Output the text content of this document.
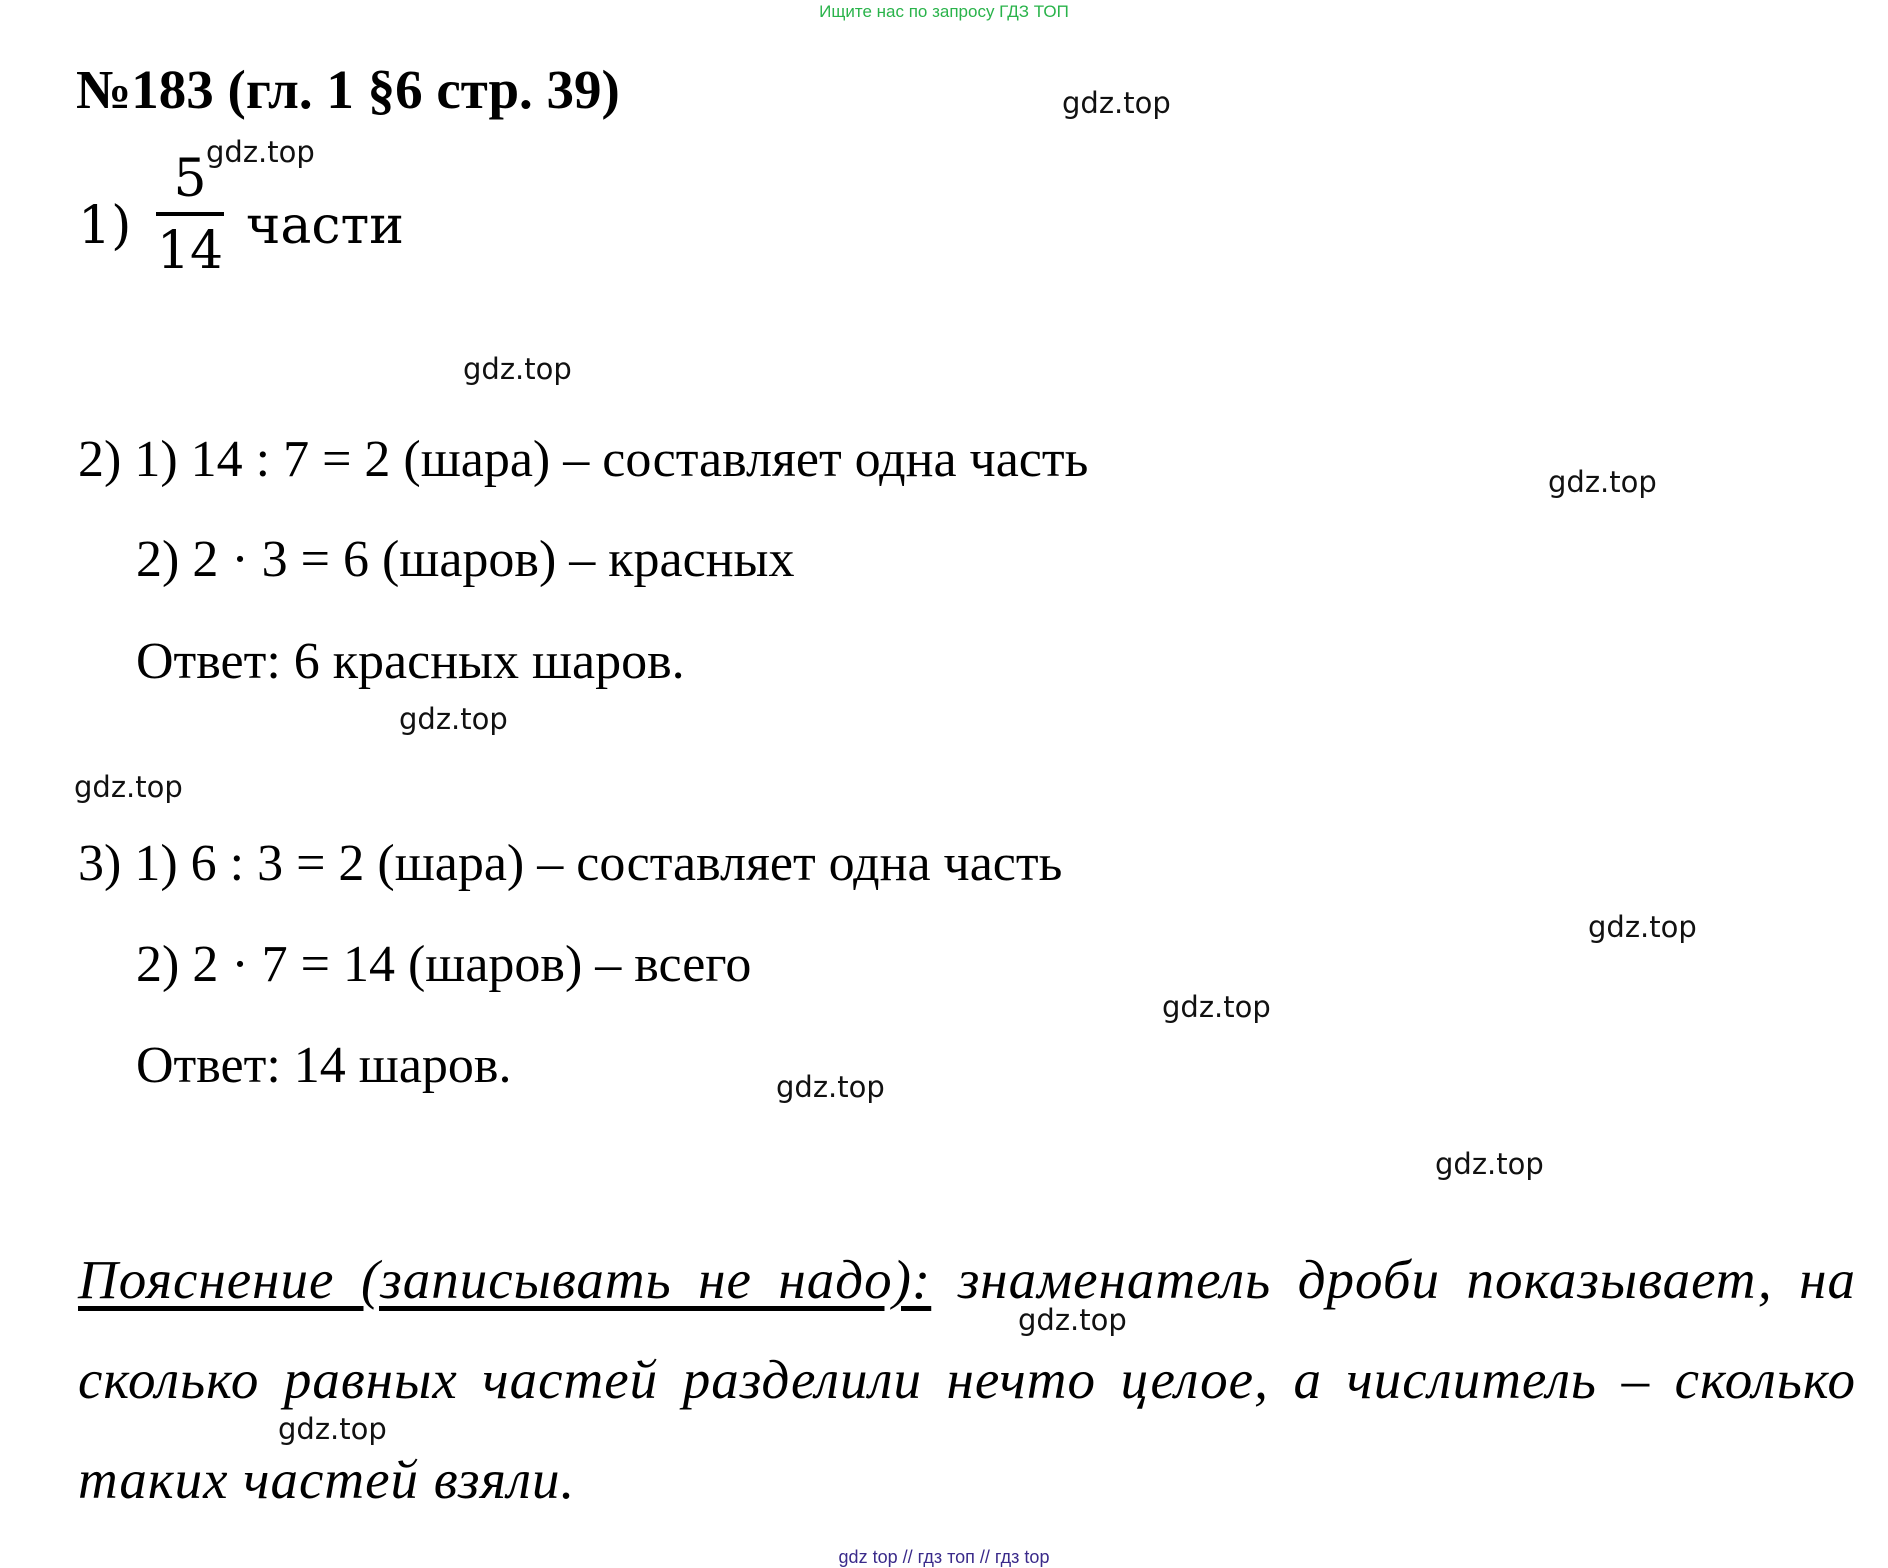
Ищите нас по запросу ГДЗ ТОП
№183 (гл. 1 §6 стр. 39)
1)
5
14 части
2) 1) 14 : 7 = 2 (шара) – составляет одна часть
2) 2 · 3 = 6 (шаров) – красных
Ответ: 6 красных шаров.
3) 1) 6 : 3 = 2 (шара) – составляет одна часть
2) 2 · 7 = 14 (шаров) – всего
Ответ: 14 шаров.
Пояснение (записывать не надо): знаменатель дроби показывает, на сколько равных частей разделили нечто целое, а числитель – сколько таких частей взяли.
gdz.top
gdz.top
gdz.top
gdz.top
gdz.top
gdz.top
gdz.top
gdz.top
gdz.top
gdz.top
gdz.top
gdz.top
gdz top // гдз топ // гдз top
